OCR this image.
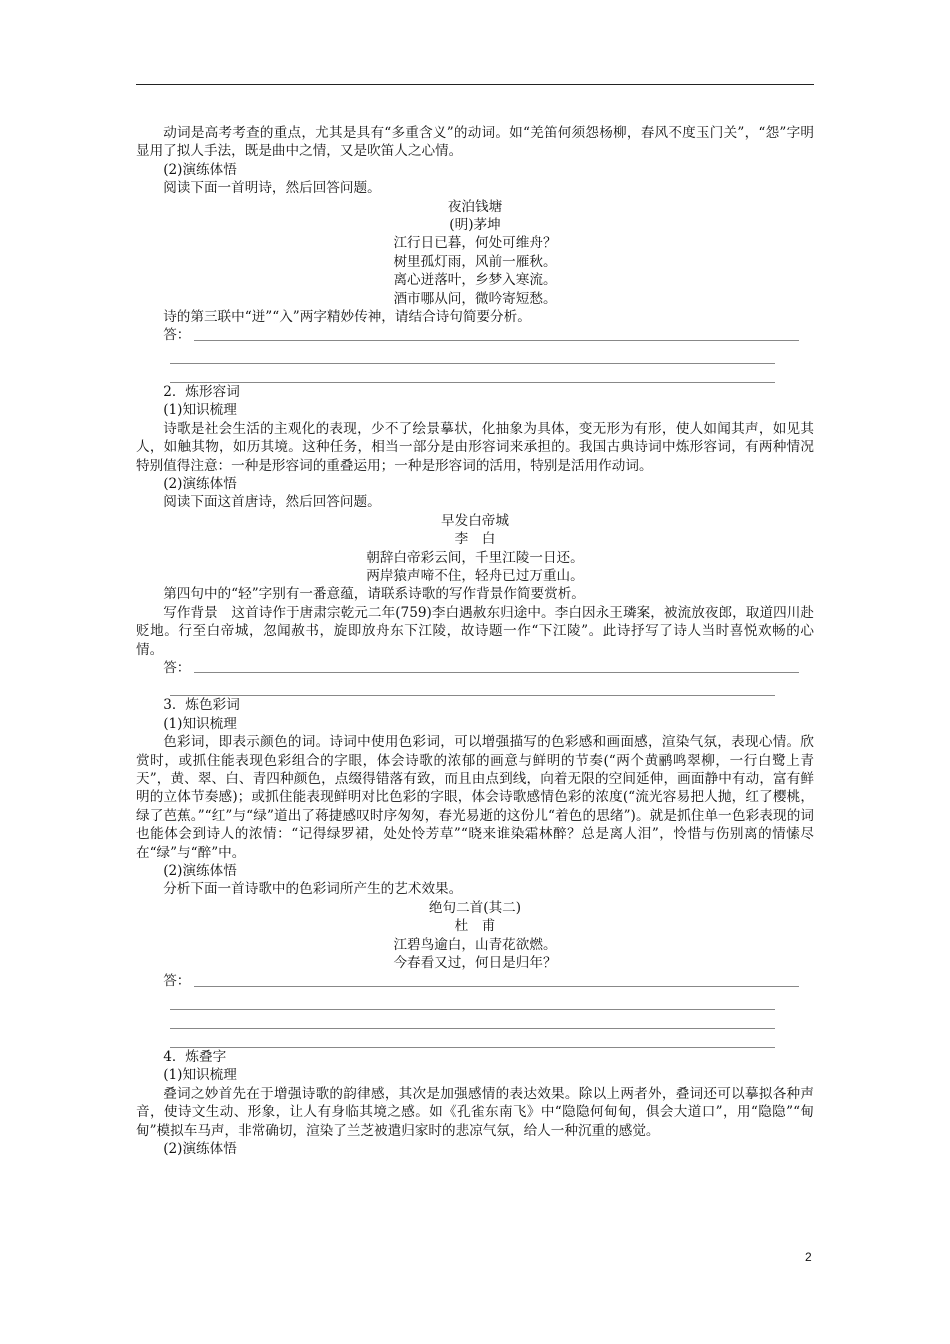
动词是高考考查的重点，尤其是具有“多重含义”的动词。如“羌笛何须怨杨柳，春风不度玉门关”，“怨”字明显用了拟人手法，既是曲中之情，又是吹笛人之心情。

(2)演练体悟

阅读下面一首明诗，然后回答问题。

夜泊钱塘

(明)茅坤

江行日已暮，何处可维舟？

树里孤灯雨，风前一雁秋。

离心迸落叶，乡梦入寒流。

酒市哪从问，微吟寄短愁。

诗的第三联中“迸”“入”两字精妙传神，请结合诗句简要分析。

答：

2．炼形容词

(1)知识梳理

诗歌是社会生活的主观化的表现，少不了绘景摹状，化抽象为具体，变无形为有形，使人如闻其声，如见其人，如触其物，如历其境。这种任务，相当一部分是由形容词来承担的。我国古典诗词中炼形容词，有两种情况特别值得注意：一种是形容词的重叠运用；一种是形容词的活用，特别是活用作动词。

(2)演练体悟

阅读下面这首唐诗，然后回答问题。

早发白帝城

李　白

朝辞白帝彩云间，千里江陵一日还。

两岸猿声啼不住，轻舟已过万重山。

第四句中的“轻”字别有一番意蕴，请联系诗歌的写作背景作简要赏析。

写作背景　这首诗作于唐肃宗乾元二年(759)李白遇赦东归途中。李白因永王璘案，被流放夜郎，取道四川赴贬地。行至白帝城，忽闻赦书，旋即放舟东下江陵，故诗题一作“下江陵”。此诗抒写了诗人当时喜悦欢畅的心情。

答：

3．炼色彩词

(1)知识梳理

色彩词，即表示颜色的词。诗词中使用色彩词，可以增强描写的色彩感和画面感，渲染气氛，表现心情。欣赏时，或抓住能表现色彩组合的字眼，体会诗歌的浓郁的画意与鲜明的节奏(“两个黄鹂鸣翠柳，一行白鹭上青天”，黄、翠、白、青四种颜色，点缀得错落有致，而且由点到线，向着无限的空间延伸，画面静中有动，富有鲜明的立体节奏感)；或抓住能表现鲜明对比色彩的字眼，体会诗歌感情色彩的浓度(“流光容易把人抛，红了樱桃，绿了芭蕉。”“红”与“绿”道出了蒋捷感叹时序匆匆，春光易逝的这份儿“着色的思绪”)。就是抓住单一色彩表现的词也能体会到诗人的浓情：“记得绿罗裙，处处怜芳草”“晓来谁染霜林醉？总是离人泪”，怜惜与伤别离的情愫尽在“绿”与“醉”中。

(2)演练体悟

分析下面一首诗歌中的色彩词所产生的艺术效果。

绝句二首(其二)

杜　甫

江碧鸟逾白，山青花欲燃。

今春看又过，何日是归年？

答：

4．炼叠字

(1)知识梳理

叠词之妙首先在于增强诗歌的韵律感，其次是加强感情的表达效果。除以上两者外，叠词还可以摹拟各种声音，使诗文生动、形象，让人有身临其境之感。如《孔雀东南飞》中“隐隐何甸甸，俱会大道口”，用“隐隐”“甸甸”模拟车马声，非常确切，渲染了兰芝被遣归家时的悲凉气氛，给人一种沉重的感觉。

(2)演练体悟

2
